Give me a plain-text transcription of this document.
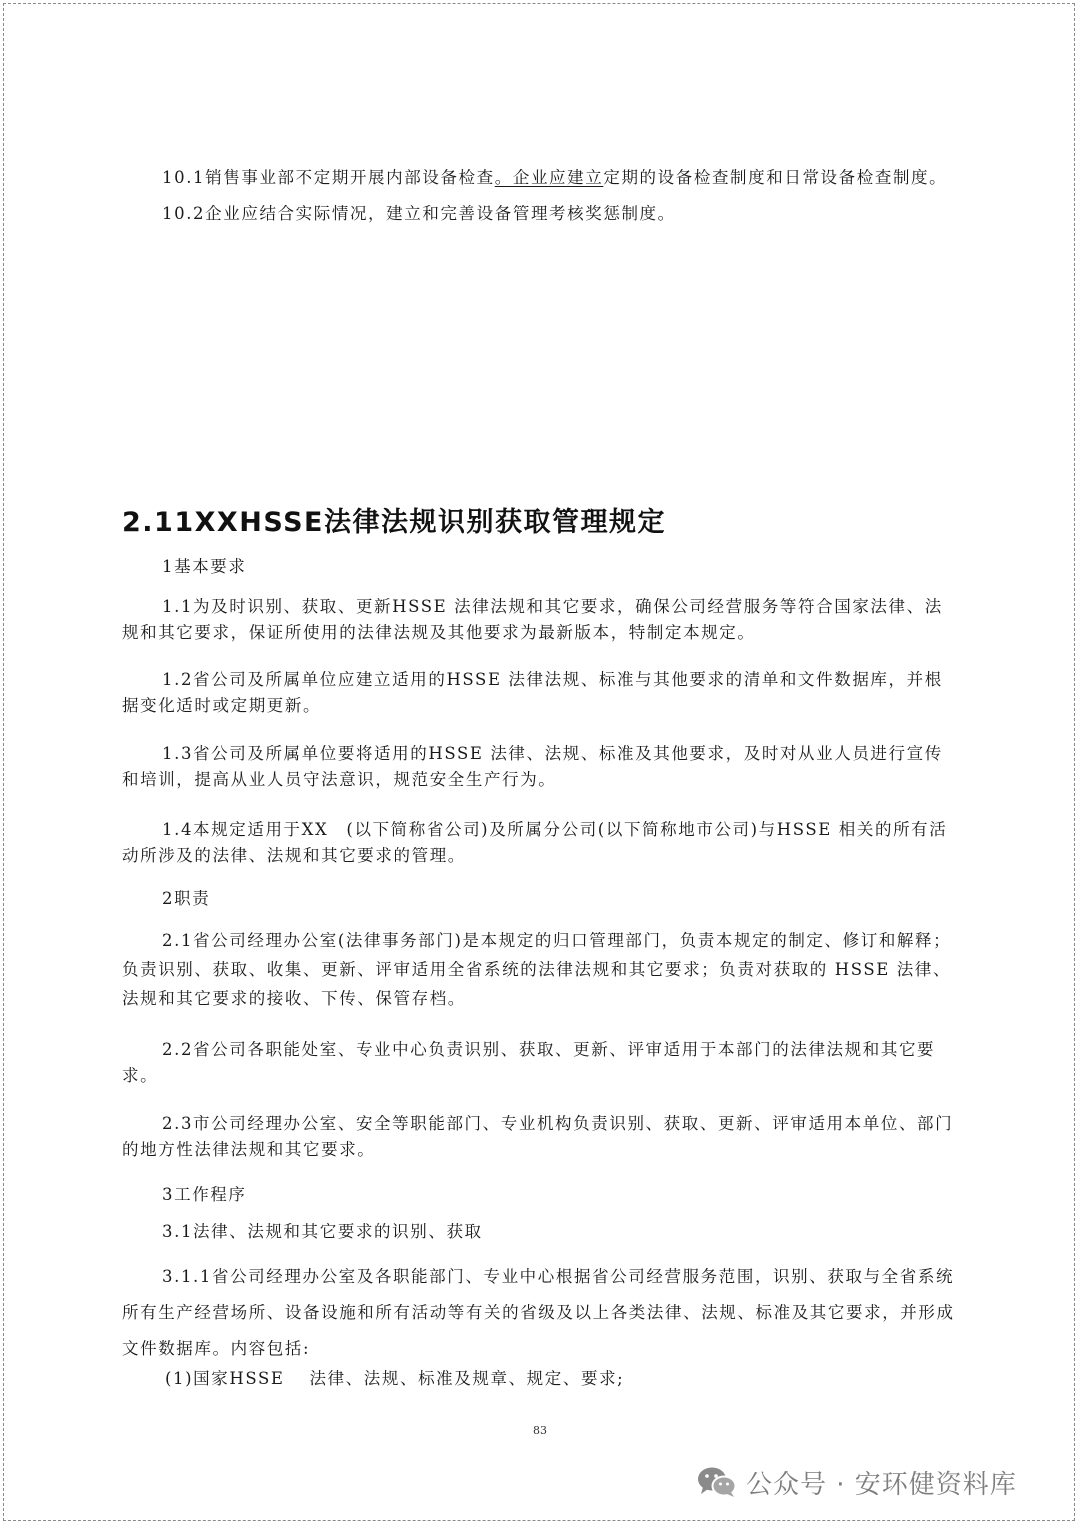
10.1销售事业部不定期开展内部设备检查。企业应建立定期的设备检查制度和日常设备检查制度。
10.2企业应结合实际情况，建立和完善设备管理考核奖惩制度。
2.11XXHSSE法律法规识别获取管理规定
1基本要求
1.1为及时识别、获取、更新HSSE 法律法规和其它要求，确保公司经营服务等符合国家法律、法规和其它要求，保证所使用的法律法规及其他要求为最新版本，特制定本规定。
1.2省公司及所属单位应建立适用的HSSE 法律法规、标准与其他要求的清单和文件数据库，并根据变化适时或定期更新。
1.3省公司及所属单位要将适用的HSSE 法律、法规、标准及其他要求，及时对从业人员进行宣传和培训，提高从业人员守法意识，规范安全生产行为。
1.4本规定适用于XX　(以下简称省公司)及所属分公司(以下简称地市公司)与HSSE 相关的所有活动所涉及的法律、法规和其它要求的管理。
2职责
2.1省公司经理办公室(法律事务部门)是本规定的归口管理部门，负责本规定的制定、修订和解释；负责识别、获取、收集、更新、评审适用全省系统的法律法规和其它要求；负责对获取的 HSSE 法律、法规和其它要求的接收、下传、保管存档。
2.2省公司各职能处室、专业中心负责识别、获取、更新、评审适用于本部门的法律法规和其它要求。
2.3市公司经理办公室、安全等职能部门、专业机构负责识别、获取、更新、评审适用本单位、部门的地方性法律法规和其它要求。
3工作程序
3.1法律、法规和其它要求的识别、获取
3.1.1省公司经理办公室及各职能部门、专业中心根据省公司经营服务范围，识别、获取与全省系统所有生产经营场所、设备设施和所有活动等有关的省级及以上各类法律、法规、标准及其它要求，并形成文件数据库。内容包括:
(1)国家HSSE　 法律、法规、标准及规章、规定、要求;
83
公众号 · 安环健资料库
